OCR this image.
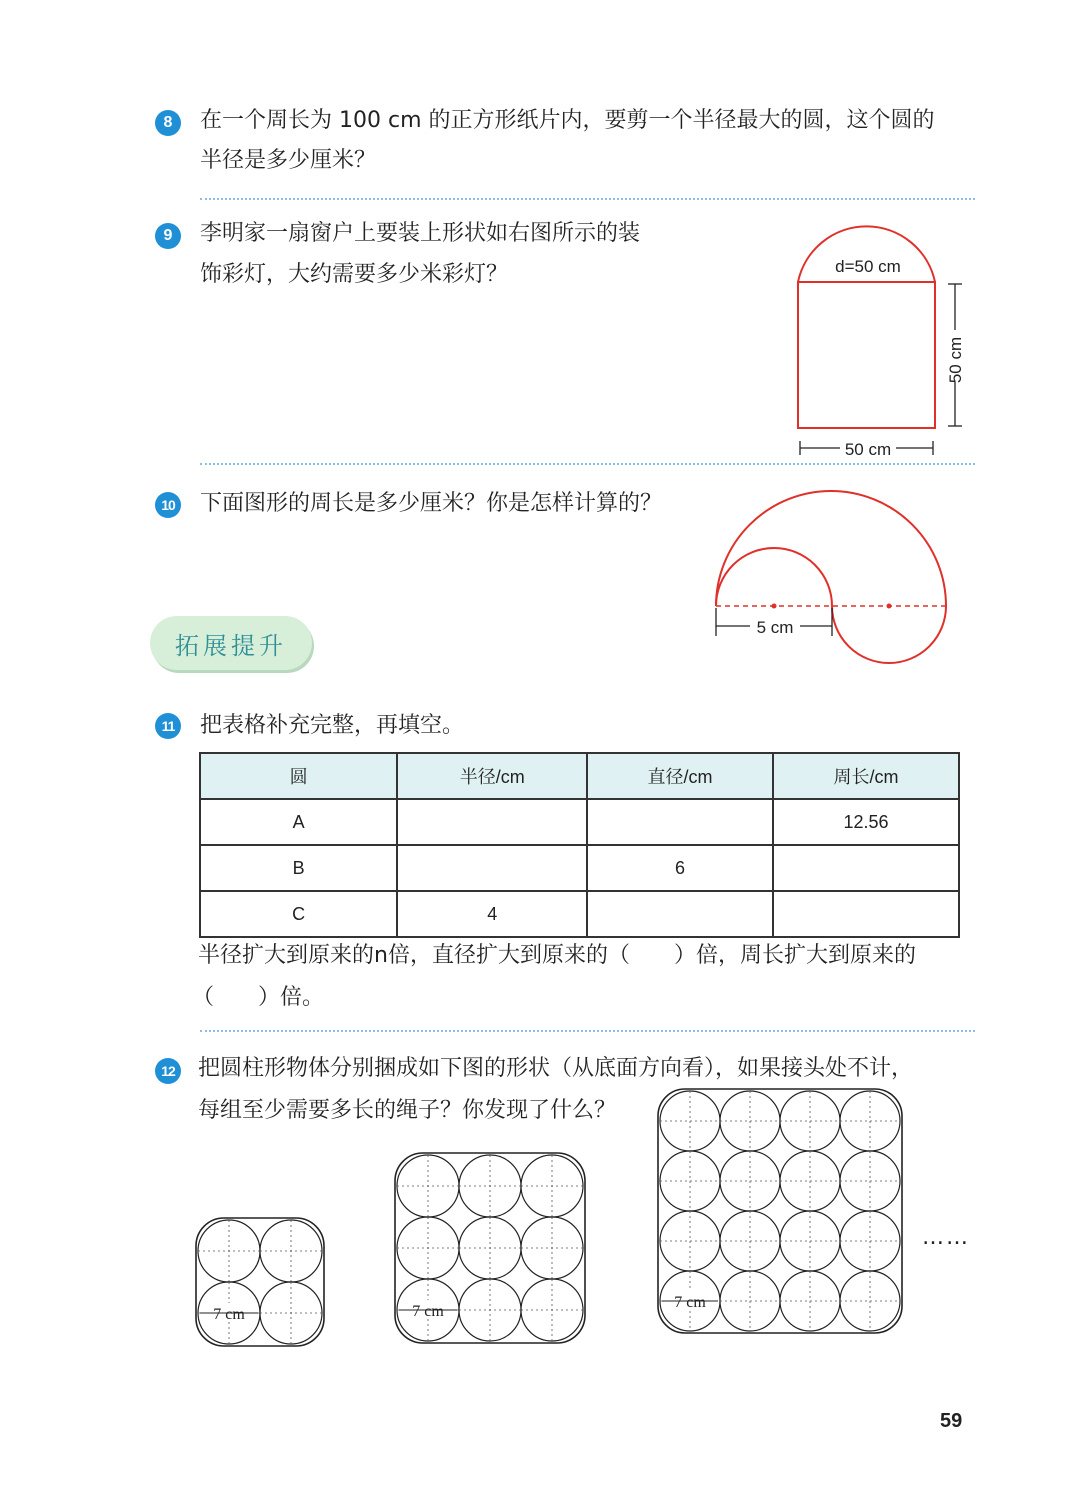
8	在一个周长为 100 cm 的正方形纸片内，要剪一个半径最大的圆，这个圆的
半径是多少厘米？
9	李明家一扇窗户上要装上形状如右图所示的装
饰彩灯，大约需要多少米彩灯？	d=50 cm
50 cm
50 cm
10 下面图形的周长是多少厘米？你是怎样计算的？
5 cm
拓展提升
11 把表格补充完整，再填空。
圆	半径/cm	直径/cm	周长/cm
A			12.56
B		6	
C	4		
半径扩大到原来的n倍，直径扩大到原来的（　　）倍，周长扩大到原来的
（　　）倍。
12 把圆柱形物体分别捆成如下图的形状（从底面方向看），如果接头处不计，
每组至少需要多长的绳子？你发现了什么？
7 cm	7 cm
7 cm
……
59
